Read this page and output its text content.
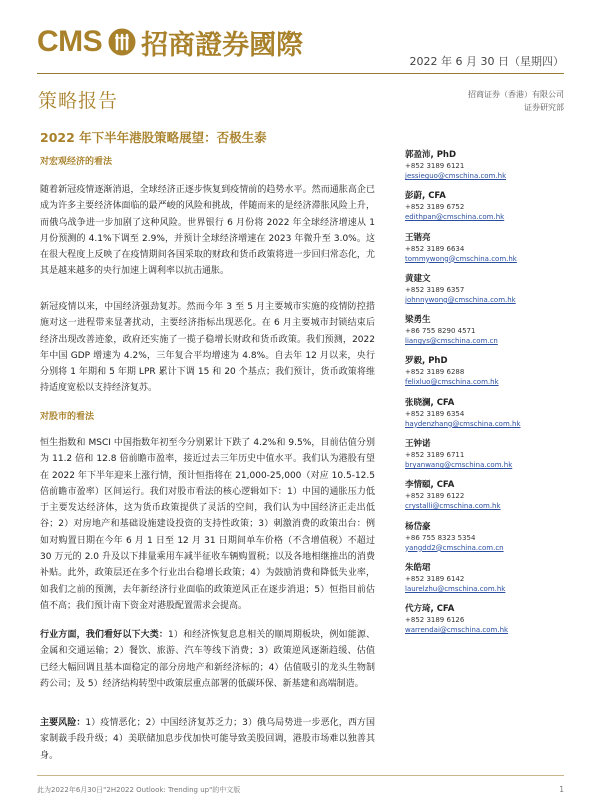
CMS 招商證券國際
2022 年 6 月 30 日（星期四）
策略报告	招商证券（香港）有限公司
证券研究部
2022 年下半年港股策略展望：否极生泰
对宏观经济的看法
随着新冠疫情逐渐消退，全球经济正逐步恢复到疫情前的趋势水平。然而通胀高企已成为许多主要经济体面临的最严峻的风险和挑战，伴随而来的是经济滞胀风险上升，而俄乌战争进一步加剧了这种风险。世界银行 6 月份将 2022 年全球经济增速从 1 月份预测的 4.1%下调至 2.9%，并预计全球经济增速在 2023 年微升至 3.0%。这在很大程度上反映了在疫情期间各国采取的财政和货币政策将进一步回归常态化，尤其是越来越多的央行加速上调利率以抗击通胀。
新冠疫情以来，中国经济强劲复苏。然而今年 3 至 5 月主要城市实施的疫情防控措施对这一进程带来显著扰动，主要经济指标出现恶化。在 6 月主要城市封锁结束后经济出现改善迹象，政府还实施了一揽子稳增长财政和货币政策。我们预测，2022 年中国 GDP 增速为 4.2%，三年复合平均增速为 4.8%。自去年 12 月以来，央行分别将 1 年期和 5 年期 LPR 累计下调 15 和 20 个基点；我们预计，货币政策将维持适度宽松以支持经济复苏。
对股市的看法
恒生指数和 MSCI 中国指数年初至今分别累计下跌了 4.2%和 9.5%，目前估值分别为 11.2 倍和 12.8 倍前瞻市盈率，接近过去三年历史中值水平。我们认为港股有望在 2022 年下半年迎来上涨行情，预计恒指将在 21,000-25,000（对应 10.5-12.5 倍前瞻市盈率）区间运行。我们对股市看法的核心逻辑如下：1）中国的通胀压力低于主要发达经济体，这为货币政策提供了灵活的空间，我们认为中国经济正走出低谷；2）对房地产和基础设施建设投资的支持性政策；3）刺激消费的政策出台：例如对购置日期在今年 6 月 1 日至 12 月 31 日期间单车价格（不含增值税）不超过 30 万元的 2.0 升及以下排量乘用车减半征收车辆购置税；以及各地相继推出的消费补贴。此外，政策层还在多个行业出台稳增长政策；4）为鼓励消费和降低失业率，如我们之前的预测，去年新经济行业面临的政策逆风正在逐步消退；5）恒指目前估值不高；我们预计南下资金对港股配置需求会提高。
行业方面，我们看好以下大类：1）和经济恢复息息相关的顺周期板块，例如能源、金属和交通运输；2）餐饮、旅游、汽车等线下消费；3）政策逆风逐渐趋缓、估值已经大幅回调且基本面稳定的部分房地产和新经济标的；4）估值吸引的龙头生物制药公司；及 5）经济结构转型中政策层重点部署的低碳环保、新基建和高端制造。
主要风险：1）疫情恶化；2）中国经济复苏乏力；3）俄乌局势进一步恶化，西方国家制裁手段升级；4）美联储加息步伐加快可能导致美股回调，港股市场难以独善其身。
郭盈沛, PhD
+852 3189 6121
jessieguo@cmschina.com.hk
彭蔚, CFA
+852 3189 6752
edithpan@cmschina.com.hk
王锴亮
+852 3189 6634
tommywong@cmschina.com.hk
黄建文
+852 3189 6357
johnnywong@cmschina.com.hk
梁勇生
+86 755 8290 4571
liangys@cmschina.com.cn
罗毅, PhD
+852 3189 6288
felixluo@cmschina.com.hk
张晓澜, CFA
+852 3189 6354
haydenzhang@cmschina.com.hk
王钟诺
+852 3189 6711
bryanwang@cmschina.com.hk
李情頤, CFA
+852 3189 6122
crystalli@cmschina.com.hk
杨岱豪
+86 755 8323 5354
yangdd2@cmschina.com.cn
朱皓珺
+852 3189 6142
laurelzhu@cmschina.com.hk
代方琦, CFA
+852 3189 6126
warrendai@cmschina.com.hk
此为2022年6月30日"2H2022 Outlook: Trending up"的中文版	1
